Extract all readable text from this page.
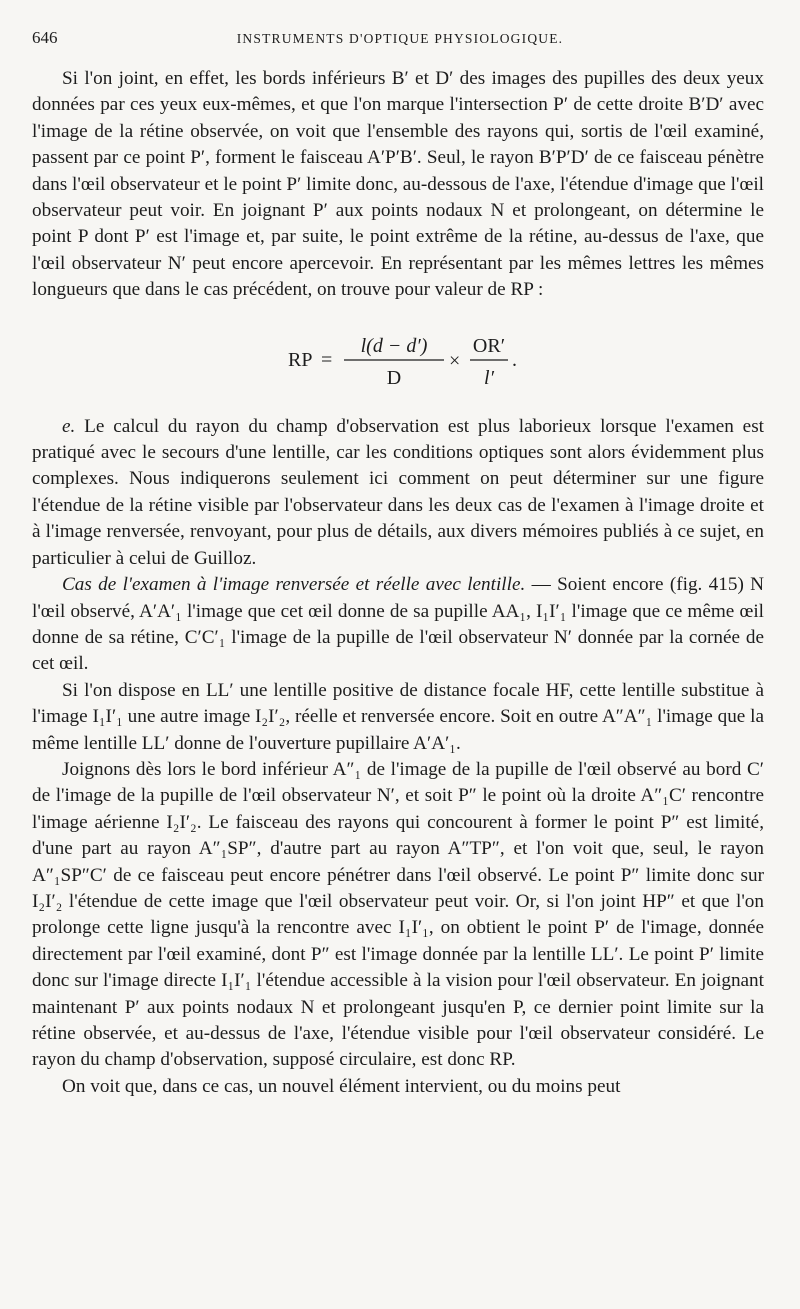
646	INSTRUMENTS D'OPTIQUE PHYSIOLOGIQUE.

Si l'on joint, en effet, les bords inférieurs B′ et D′ des images des pupilles des deux yeux données par ces yeux eux-mêmes, et que l'on marque l'intersection P′ de cette droite B′D′ avec l'image de la rétine observée, on voit que l'ensemble des rayons qui, sortis de l'œil examiné, passent par ce point P′, forment le faisceau A′P′B′. Seul, le rayon B′P′D′ de ce faisceau pénètre dans l'œil observateur et le point P′ limite donc, au-dessous de l'axe, l'étendue d'image que l'œil observateur peut voir. En joignant P′ aux points nodaux N et prolongeant, on détermine le point P dont P′ est l'image et, par suite, le point extrême de la rétine, au-dessus de l'axe, que l'œil observateur N′ peut encore apercevoir. En représentant par les mêmes lettres les mêmes longueurs que dans le cas précédent, on trouve pour valeur de RP :

RP =
l(d − d′)
D
×
OR′
l′
.

e. Le calcul du rayon du champ d'observation est plus laborieux lorsque l'examen est pratiqué avec le secours d'une lentille, car les conditions optiques sont alors évidemment plus complexes. Nous indiquerons seulement ici comment on peut déterminer sur une figure l'étendue de la rétine visible par l'observateur dans les deux cas de l'examen à l'image droite et à l'image renversée, renvoyant, pour plus de détails, aux divers mémoires publiés à ce sujet, en particulier à celui de Guilloz.

Cas de l'examen à l'image renversée et réelle avec lentille. — Soient encore (fig. 415) N l'œil observé, A′A′₁ l'image que cet œil donne de sa pupille AA₁, I₁I′₁ l'image que ce même œil donne de sa rétine, C′C′₁ l'image de la pupille de l'œil observateur N′ donnée par la cornée de cet œil.

Si l'on dispose en LL′ une lentille positive de distance focale HF, cette lentille substitue à l'image I₁I′₁ une autre image I₂I′₂, réelle et renversée encore. Soit en outre A″A″₁ l'image que la même lentille LL′ donne de l'ouverture pupillaire A′A′₁.

Joignons dès lors le bord inférieur A″₁ de l'image de la pupille de l'œil observé au bord C′ de l'image de la pupille de l'œil observateur N′, et soit P″ le point où la droite A″₁C′ rencontre l'image aérienne I₂I′₂. Le faisceau des rayons qui concourent à former le point P″ est limité, d'une part au rayon A″₁SP″, d'autre part au rayon A″TP″, et l'on voit que, seul, le rayon A″₁SP″C′ de ce faisceau peut encore pénétrer dans l'œil observé. Le point P″ limite donc sur I₂I′₂ l'étendue de cette image que l'œil observateur peut voir. Or, si l'on joint HP″ et que l'on prolonge cette ligne jusqu'à la rencontre avec I₁I′₁, on obtient le point P′ de l'image, donnée directement par l'œil examiné, dont P″ est l'image donnée par la lentille LL′. Le point P′ limite donc sur l'image directe I₁I′₁ l'étendue accessible à la vision pour l'œil observateur. En joignant maintenant P′ aux points nodaux N et prolongeant jusqu'en P, ce dernier point limite sur la rétine observée, et au-dessus de l'axe, l'étendue visible pour l'œil observateur considéré. Le rayon du champ d'observation, supposé circulaire, est donc RP.

On voit que, dans ce cas, un nouvel élément intervient, ou du moins peut
